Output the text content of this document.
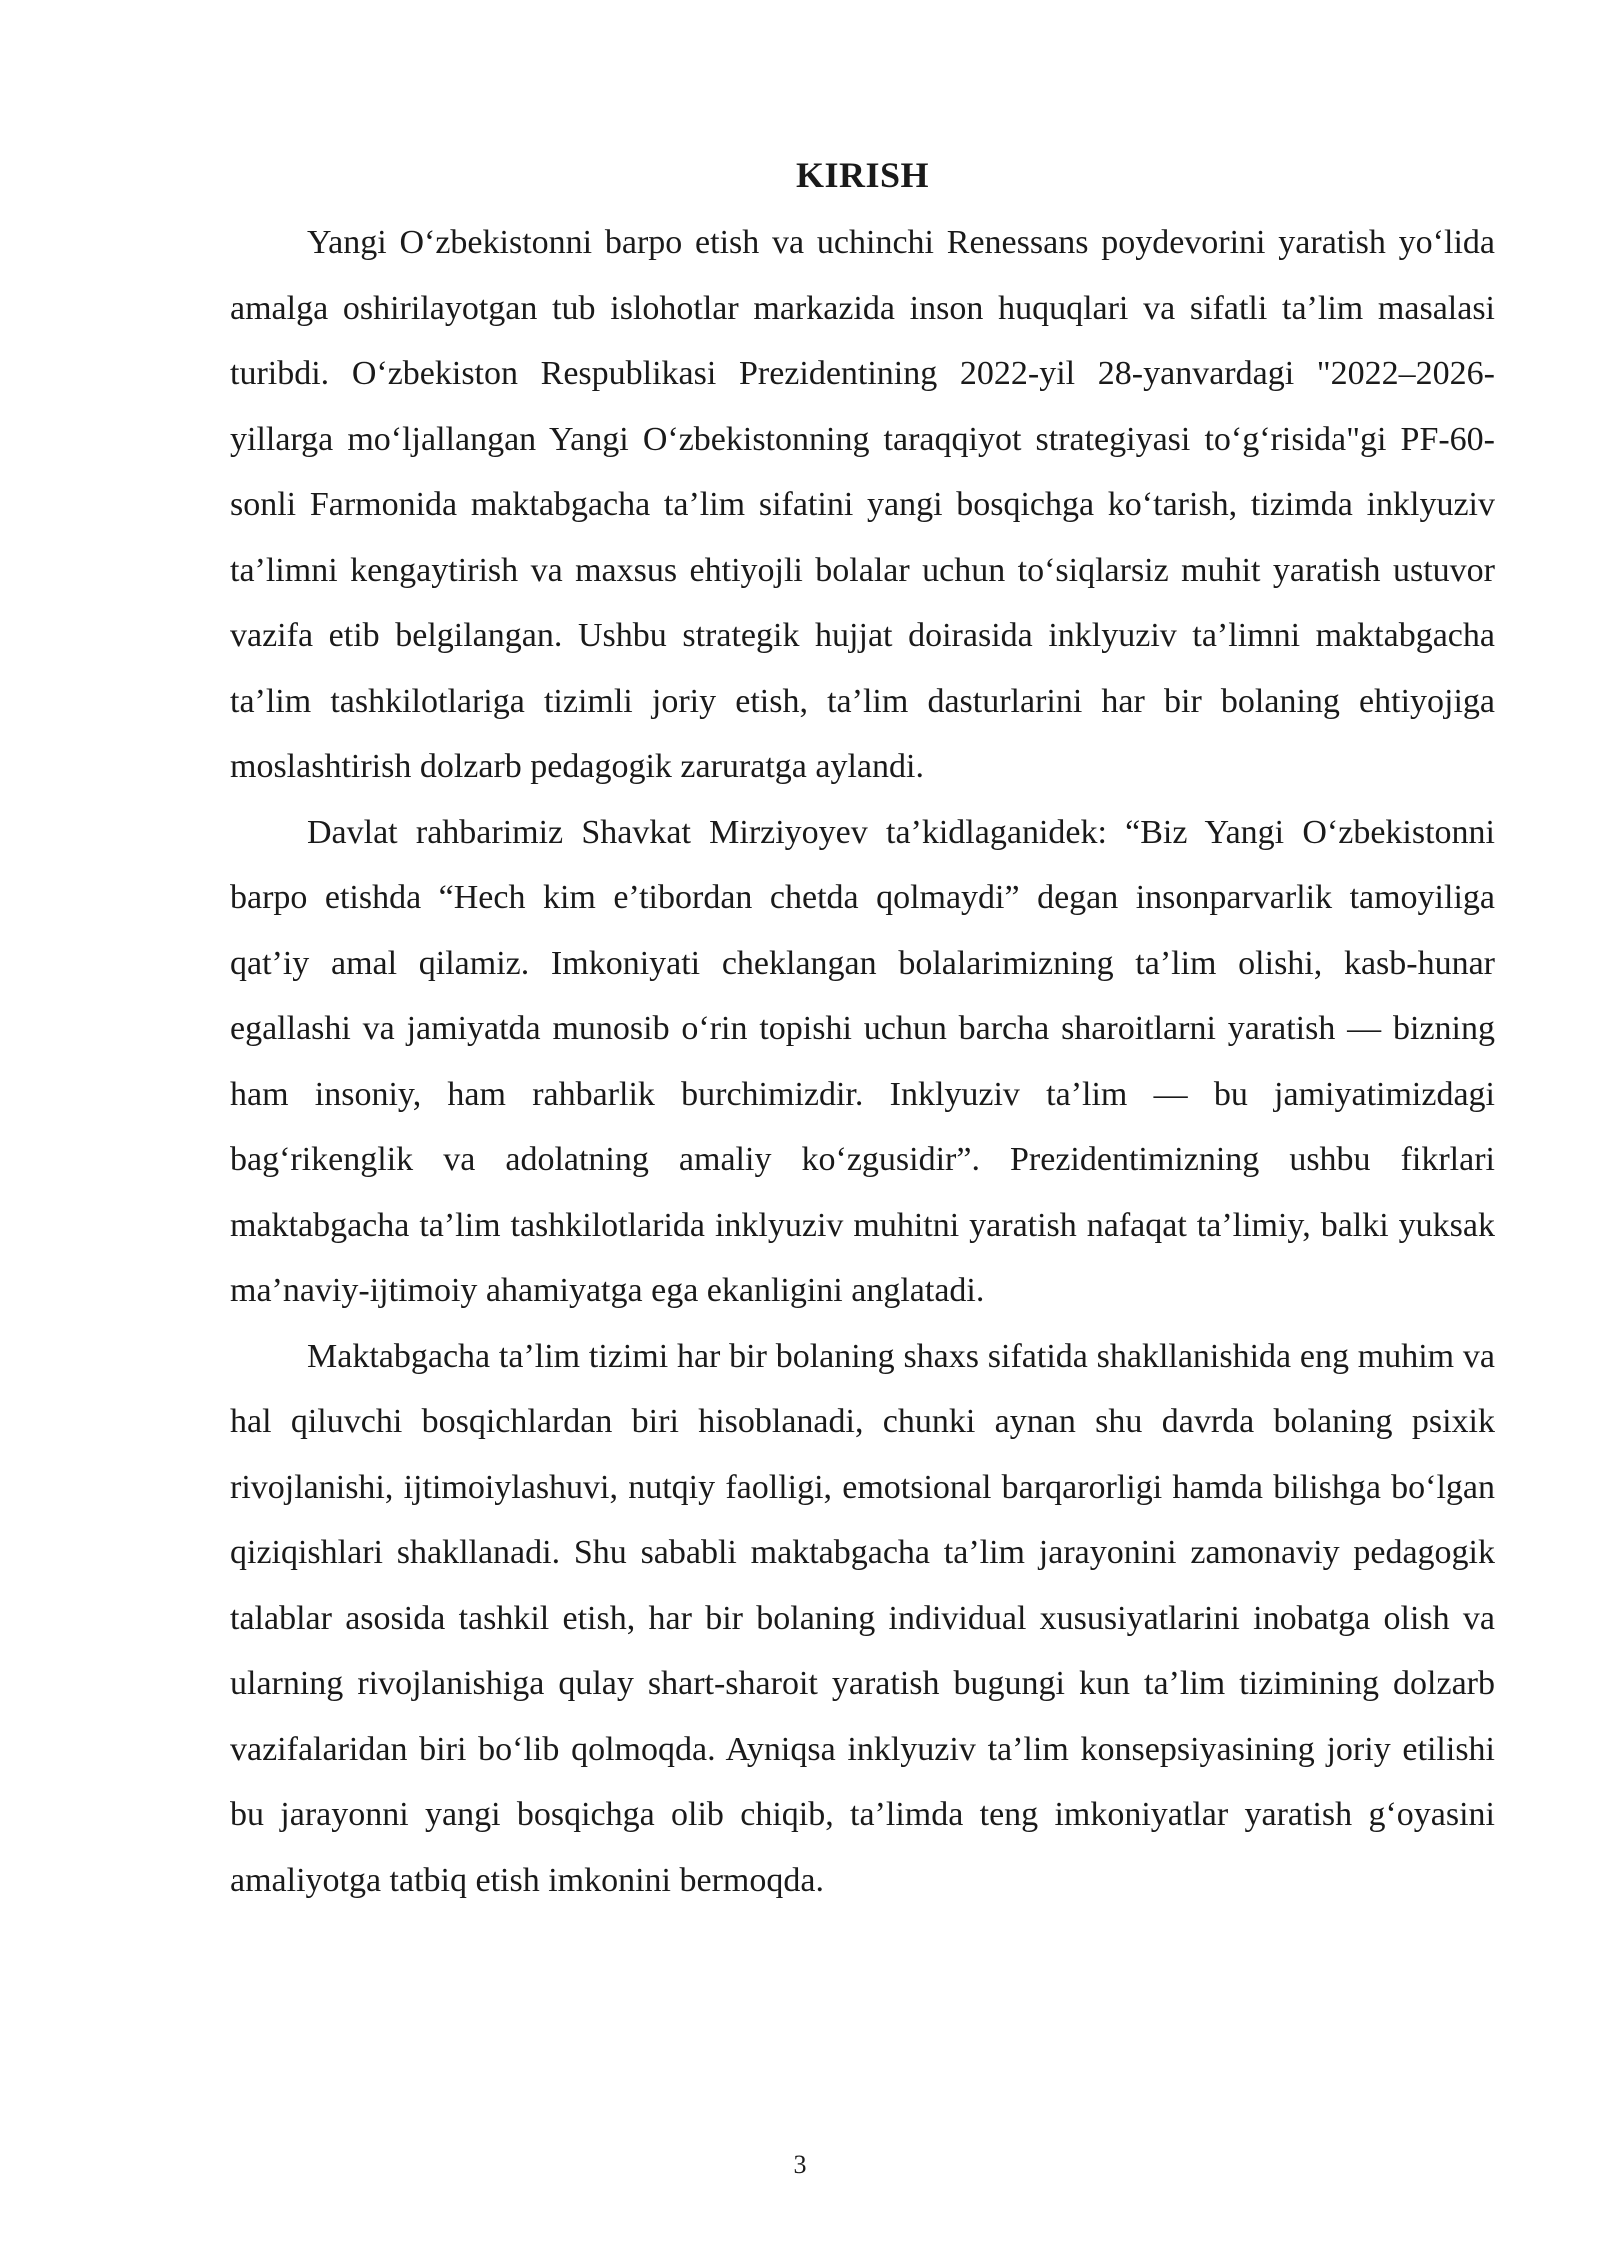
KIRISH

Yangi O‘zbekistonni barpo etish va uchinchi Renessans poydevorini yaratish yo‘lida amalga oshirilayotgan tub islohotlar markazida inson huquqlari va sifatli ta’lim masalasi turibdi. O‘zbekiston Respublikasi Prezidentining 2022-yil 28-yanvardagi "2022–2026-yillarga mo‘ljallangan Yangi O‘zbekistonning taraqqiyot strategiyasi to‘g‘risida"gi PF-60-sonli Farmonida maktabgacha ta’lim sifatini yangi bosqichga ko‘tarish, tizimda inklyuziv ta’limni kengaytirish va maxsus ehtiyojli bolalar uchun to‘siqlarsiz muhit yaratish ustuvor vazifa etib belgilangan. Ushbu strategik hujjat doirasida inklyuziv ta’limni maktabgacha ta’lim tashkilotlariga tizimli joriy etish, ta’lim dasturlarini har bir bolaning ehtiyojiga moslashtirish dolzarb pedagogik zaruratga aylandi.

Davlat rahbarimiz Shavkat Mirziyoyev ta’kidlaganidek: “Biz Yangi O‘zbekistonni barpo etishda “Hech kim e’tibordan chetda qolmaydi” degan insonparvarlik tamoyiliga qat’iy amal qilamiz. Imkoniyati cheklangan bolalarimizning ta’lim olishi, kasb-hunar egallashi va jamiyatda munosib o‘rin topishi uchun barcha sharoitlarni yaratish — bizning ham insoniy, ham rahbarlik burchimizdir. Inklyuziv ta’lim — bu jamiyatimizdagi bag‘rikenglik va adolatning amaliy ko‘zgusidir”. Prezidentimizning ushbu fikrlari maktabgacha ta’lim tashkilotlarida inklyuziv muhitni yaratish nafaqat ta’limiy, balki yuksak ma’naviy-ijtimoiy ahamiyatga ega ekanligini anglatadi.

Maktabgacha ta’lim tizimi har bir bolaning shaxs sifatida shakllanishida eng muhim va hal qiluvchi bosqichlardan biri hisoblanadi, chunki aynan shu davrda bolaning psixik rivojlanishi, ijtimoiylashuvi, nutqiy faolligi, emotsional barqarorligi hamda bilishga bo‘lgan qiziqishlari shakllanadi. Shu sababli maktabgacha ta’lim jarayonini zamonaviy pedagogik talablar asosida tashkil etish, har bir bolaning individual xususiyatlarini inobatga olish va ularning rivojlanishiga qulay shart-sharoit yaratish bugungi kun ta’lim tizimining dolzarb vazifalaridan biri bo‘lib qolmoqda. Ayniqsa inklyuziv ta’lim konsepsiyasining joriy etilishi bu jarayonni yangi bosqichga olib chiqib, ta’limda teng imkoniyatlar yaratish g‘oyasini amaliyotga tatbiq etish imkonini bermoqda.

3
